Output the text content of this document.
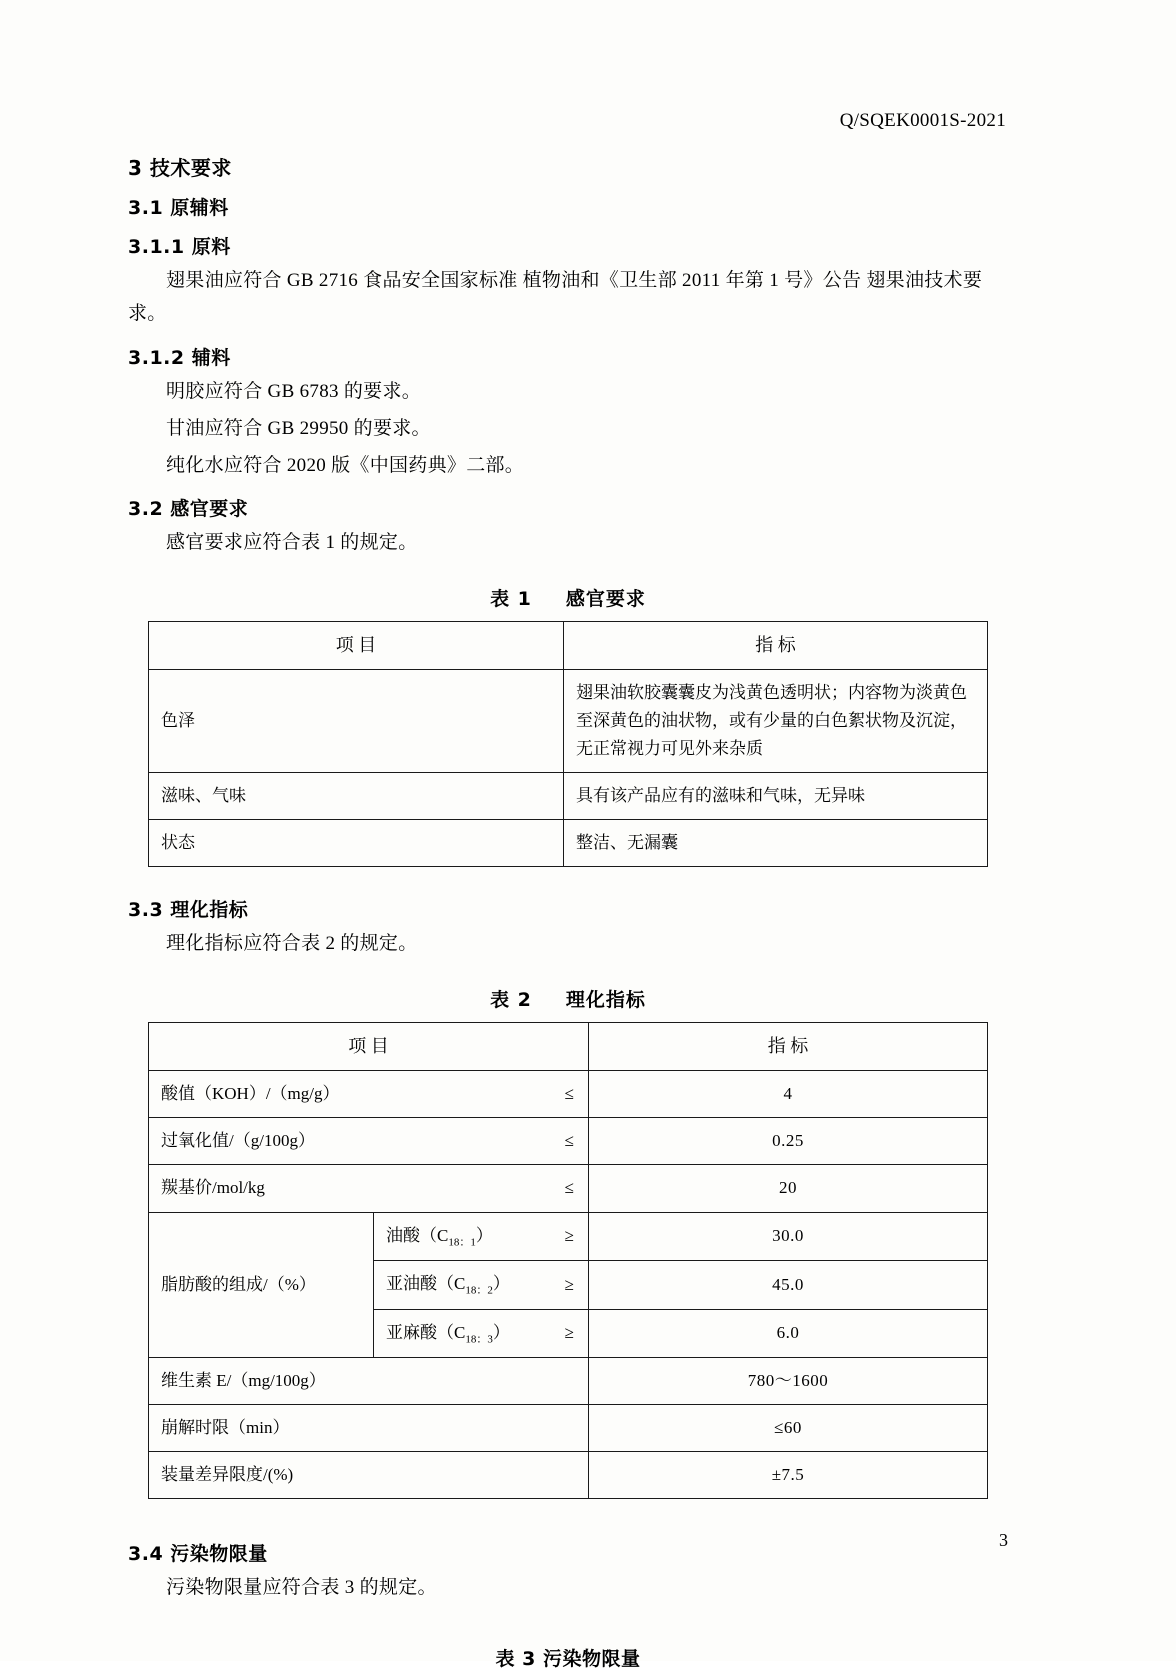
Q/SQEK0001S-2021
3 技术要求
3.1 原辅料
3.1.1 原料
翅果油应符合 GB 2716 食品安全国家标准 植物油和《卫生部 2011 年第 1 号》公告 翅果油技术要求。
3.1.2 辅料
明胶应符合 GB 6783 的要求。
甘油应符合 GB 29950 的要求。
纯化水应符合 2020 版《中国药典》二部。
3.2 感官要求
感官要求应符合表 1 的规定。
表 1 感官要求
项 目	指 标
色泽	翅果油软胶囊囊皮为浅黄色透明状；内容物为淡黄色至深黄色的油状物，或有少量的白色絮状物及沉淀，无正常视力可见外来杂质
滋味、气味	具有该产品应有的滋味和气味，无异味
状态	整洁、无漏囊
3.3 理化指标
理化指标应符合表 2 的规定。
表 2 理化指标
项 目		指 标
酸值（KOH）/（mg/g） ≤		4
过氧化值/（g/100g） ≤		0.25
羰基价/mol/kg ≤		20
脂肪酸的组成/（%）	油酸$(C_{18:1})$ ≥	30.0
	亚油酸$(C_{18:2})$ ≥	45.0
	亚麻酸$(C_{18:3})$ ≥	6.0
维生素 E/（mg/100g）		780～1600
崩解时限（min）		≤60
装量差异限度/(%)		±7.5
3.4 污染物限量
污染物限量应符合表 3 的规定。
表 3 污染物限量
3
